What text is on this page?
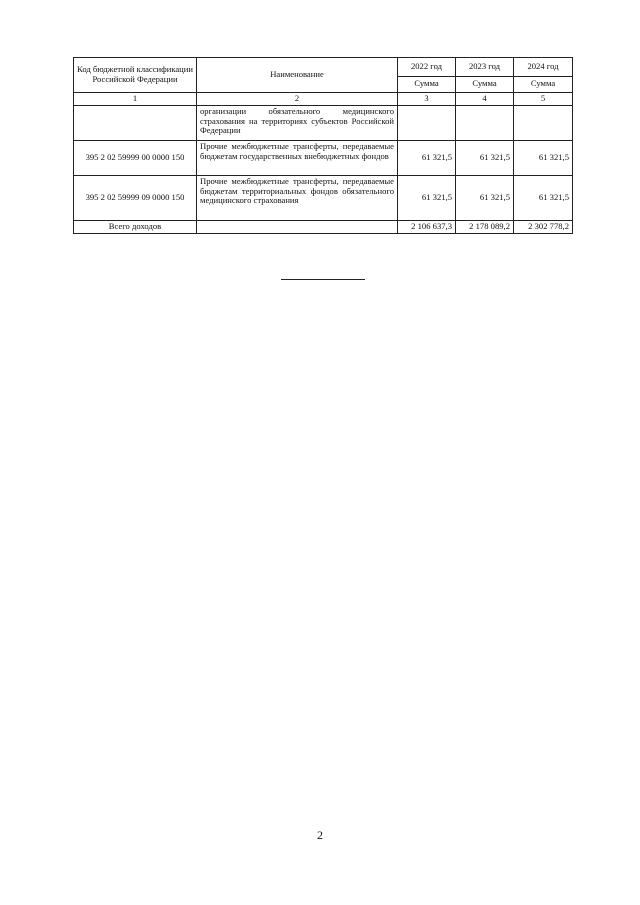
Код бюджетной классификации Российской Федерации	Наименование	2022 год	2023 год	2024 год
		Сумма	Сумма	Сумма
1	2	3	4	5
	организации обязательного медицинского страхования на территориях субъектов Российской Федерации			
395 2 02 59999 00 0000 150	Прочие межбюджетные трансферты, передаваемые бюджетам государственных внебюджетных фондов	61 321,5	61 321,5	61 321,5
395 2 02 59999 09 0000 150	Прочие межбюджетные трансферты, передаваемые бюджетам территориальных фондов обязательного медицинского страхования	61 321,5	61 321,5	61 321,5
Всего доходов		2 106 637,3	2 178 089,2	2 302 778,2
2
